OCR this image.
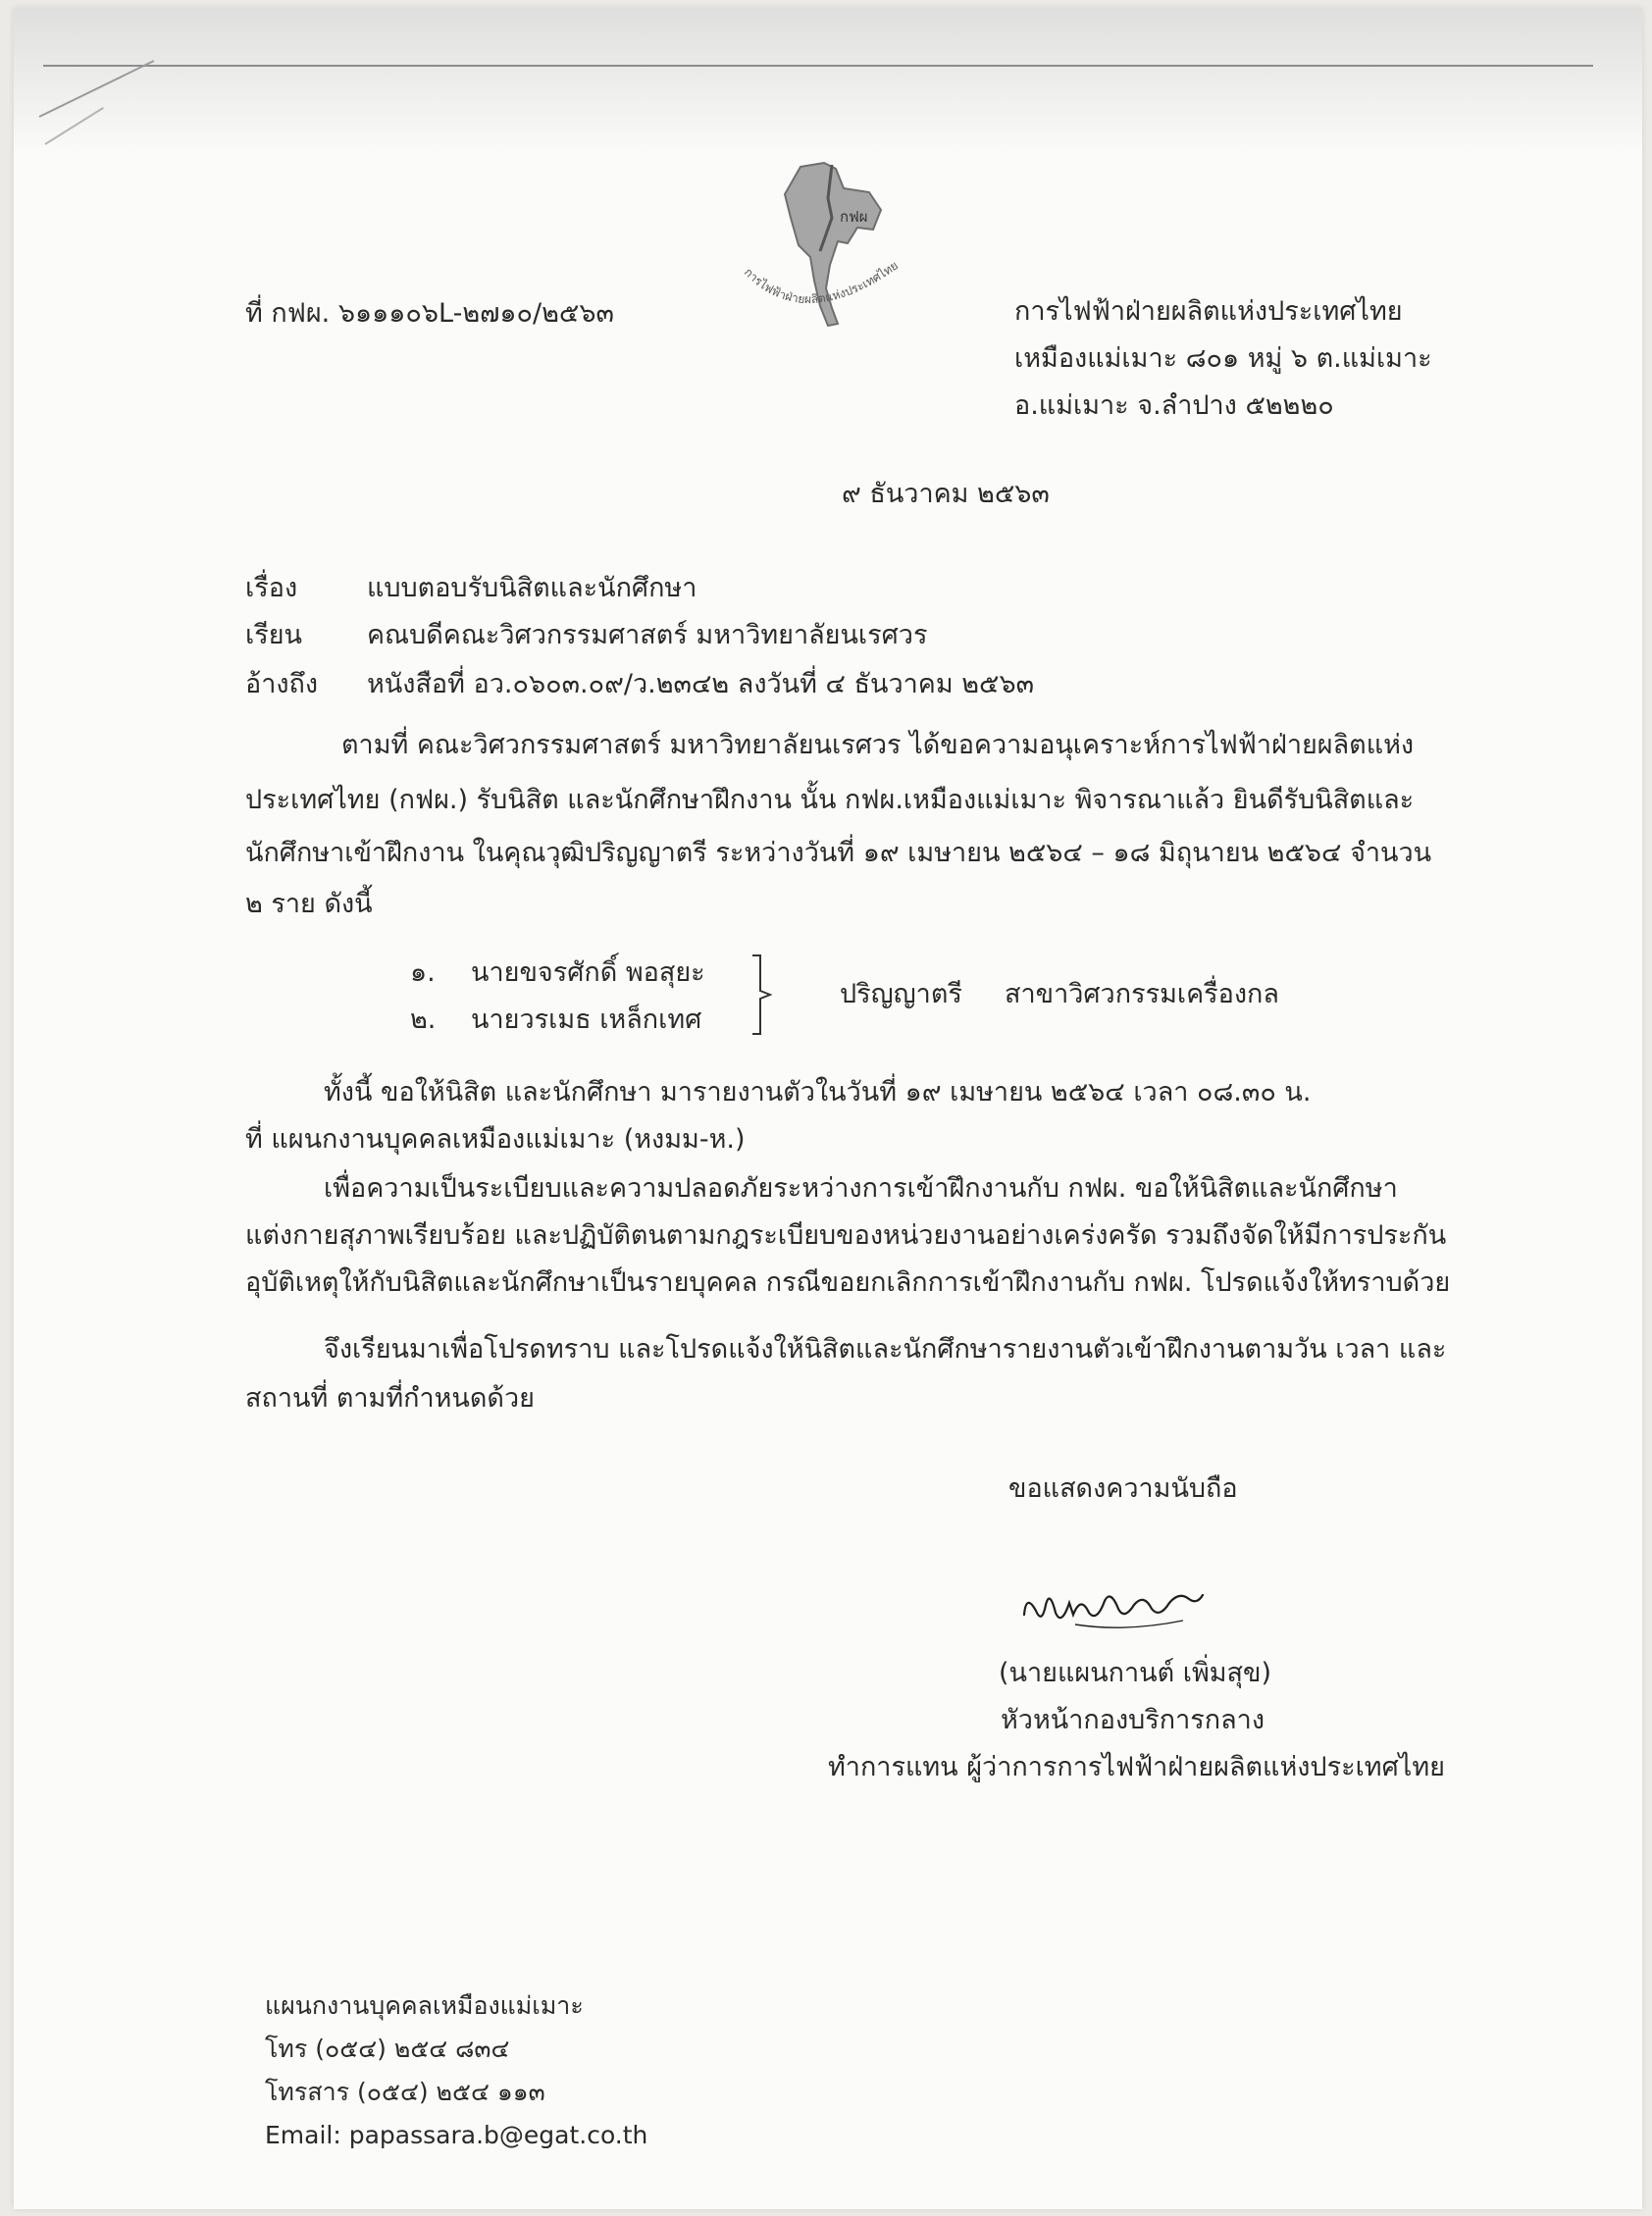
กฟผ
การไฟฟ้าฝ่ายผลิตแห่งประเทศไทย
ที่ กฟผ. ๖๑๑๑๐๖L-๒๗๑๐/๒๕๖๓	การไฟฟ้าฝ่ายผลิตแห่งประเทศไทย
เหมืองแม่เมาะ ๘๐๑ หมู่ ๖ ต.แม่เมาะ
อ.แม่เมาะ จ.ลำปาง ๕๒๒๒๐
๙ ธันวาคม ๒๕๖๓
เรื่อง	แบบตอบรับนิสิตและนักศึกษา
เรียน คณบดีคณะวิศวกรรมศาสตร์ มหาวิทยาลัยนเรศวร
อ้างถึง หนังสือที่ อว.๐๖๐๓.๐๙/ว.๒๓๔๒ ลงวันที่ ๔ ธันวาคม ๒๕๖๓
ตามที่ คณะวิศวกรรมศาสตร์ มหาวิทยาลัยนเรศวร ได้ขอความอนุเคราะห์การไฟฟ้าฝ่ายผลิตแห่ง
ประเทศไทย (กฟผ.) รับนิสิต และนักศึกษาฝึกงาน นั้น กฟผ.เหมืองแม่เมาะ พิจารณาแล้ว ยินดีรับนิสิตและ
นักศึกษาเข้าฝึกงาน ในคุณวุฒิปริญญาตรี ระหว่างวันที่ ๑๙ เมษายน ๒๕๖๔ – ๑๘ มิถุนายน ๒๕๖๔ จำนวน
๒ ราย ดังนี้
๑. นายขจรศักดิ์ พอสุยะ
๒. นายวรเมธ เหล็กเทศ
ปริญญาตรี สาขาวิศวกรรมเครื่องกล
ทั้งนี้ ขอให้นิสิต และนักศึกษา มารายงานตัวในวันที่ ๑๙ เมษายน ๒๕๖๔ เวลา ๐๘.๓๐ น.
ที่ แผนกงานบุคคลเหมืองแม่เมาะ (หงมม-ห.)
เพื่อความเป็นระเบียบและความปลอดภัยระหว่างการเข้าฝึกงานกับ กฟผ. ขอให้นิสิตและนักศึกษา
แต่งกายสุภาพเรียบร้อย และปฏิบัติตนตามกฎระเบียบของหน่วยงานอย่างเคร่งครัด รวมถึงจัดให้มีการประกัน
อุบัติเหตุให้กับนิสิตและนักศึกษาเป็นรายบุคคล กรณีขอยกเลิกการเข้าฝึกงานกับ กฟผ. โปรดแจ้งให้ทราบด้วย
จึงเรียนมาเพื่อโปรดทราบ และโปรดแจ้งให้นิสิตและนักศึกษารายงานตัวเข้าฝึกงานตามวัน เวลา และ
สถานที่ ตามที่กำหนดด้วย
ขอแสดงความนับถือ
(นายแผนกานต์ เพิ่มสุข)
หัวหน้ากองบริการกลาง
ทำการแทน ผู้ว่าการการไฟฟ้าฝ่ายผลิตแห่งประเทศไทย
แผนกงานบุคคลเหมืองแม่เมาะ
โทร (๐๕๔) ๒๕๔ ๘๓๔
โทรสาร (๐๕๔) ๒๕๔ ๑๑๓
Email: papassara.b@egat.co.th
